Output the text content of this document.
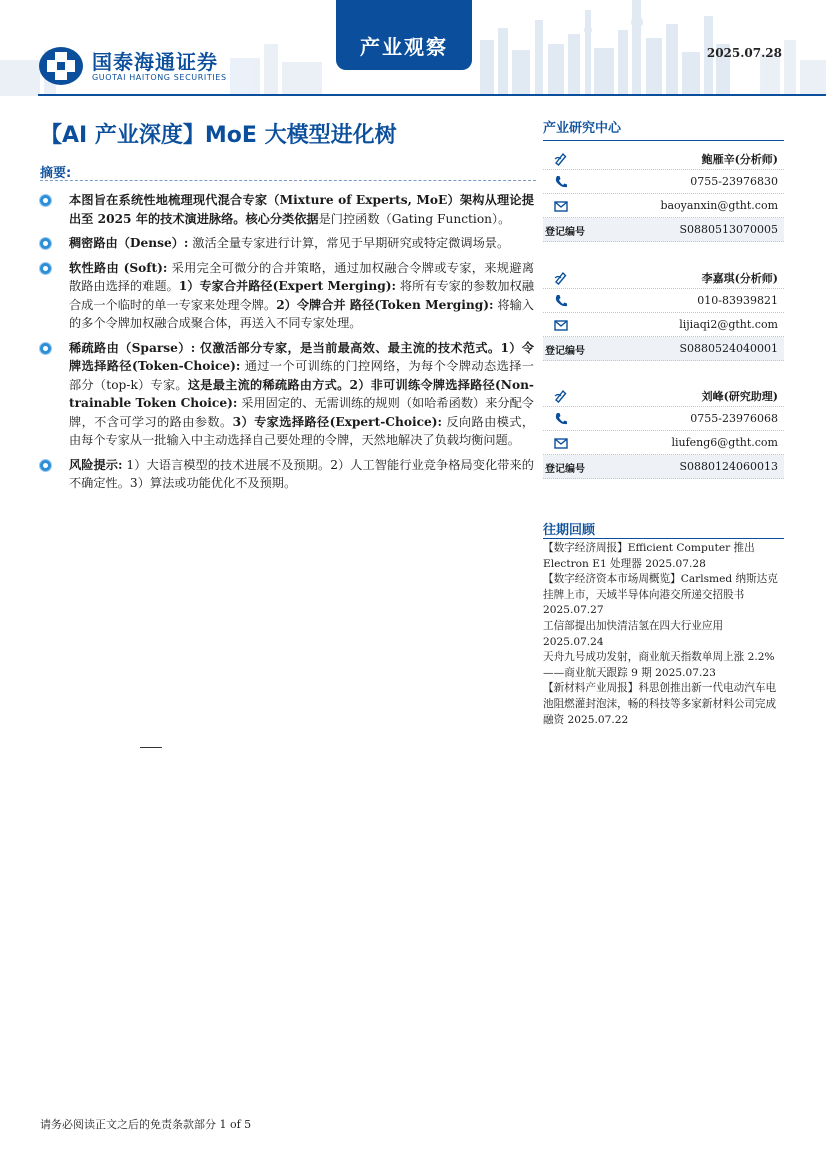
国泰海通证券
GUOTAI HAITONG SECURITIES
产业观察	2025.07.28
【AI 产业深度】MoE 大模型进化树
摘要:
本图旨在系统性地梳理现代混合专家（Mixture of Experts, MoE）架构从理论提出至 2025 年的技术演进脉络。核心分类依据是门控函数（Gating Function）。
稠密路由（Dense）: 激活全量专家进行计算，常见于早期研究或特定微调场景。
软性路由 (Soft): 采用完全可微分的合并策略，通过加权融合令牌或专家，来规避离散路由选择的难题。1）专家合并路径(Expert Merging): 将所有专家的参数加权融合成一个临时的单一专家来处理令牌。2）令牌合并 路径(Token Merging): 将输入的多个令牌加权融合成聚合体，再送入不同专家处理。
稀疏路由（Sparse）: 仅激活部分专家，是当前最高效、最主流的技术范式。1）令牌选择路径(Token-Choice): 通过一个可训练的门控网络，为每个令牌动态选择一部分（top-k）专家。这是最主流的稀疏路由方式。2）非可训练令牌选择路径(Non-trainable Token Choice): 采用固定的、无需训练的规则（如哈希函数）来分配令牌，不含可学习的路由参数。3）专家选择路径(Expert-Choice): 反向路由模式，由每个专家从一批输入中主动选择自己要处理的令牌，天然地解决了负载均衡问题。
风险提示: 1）大语言模型的技术进展不及预期。2）人工智能行业竞争格局变化带来的不确定性。3）算法或功能优化不及预期。
产业研究中心
鲍雁辛(分析师)
0755-23976830
baoyanxin@gtht.com
登记编号	S0880513070005
李嘉琪(分析师)
010-83939821
lijiaqi2@gtht.com
登记编号	S0880524040001
刘峰(研究助理)
0755-23976068
liufeng6@gtht.com
登记编号	S0880124060013
往期回顾
【数字经济周报】Efficient Computer 推出 Electron E1 处理器 2025.07.28
【数字经济资本市场周概览】Carlsmed 纳斯达克挂牌上市，天域半导体向港交所递交招股书 2025.07.27
工信部提出加快清洁氢在四大行业应用 2025.07.24
天舟九号成功发射，商业航天指数单周上涨 2.2%——商业航天跟踪 9 期 2025.07.23
【新材料产业周报】科思创推出新一代电动汽车电池阻燃灌封泡沫，畅的科技等多家新材料公司完成融资 2025.07.22
请务必阅读正文之后的免责条款部分 1 of 5
